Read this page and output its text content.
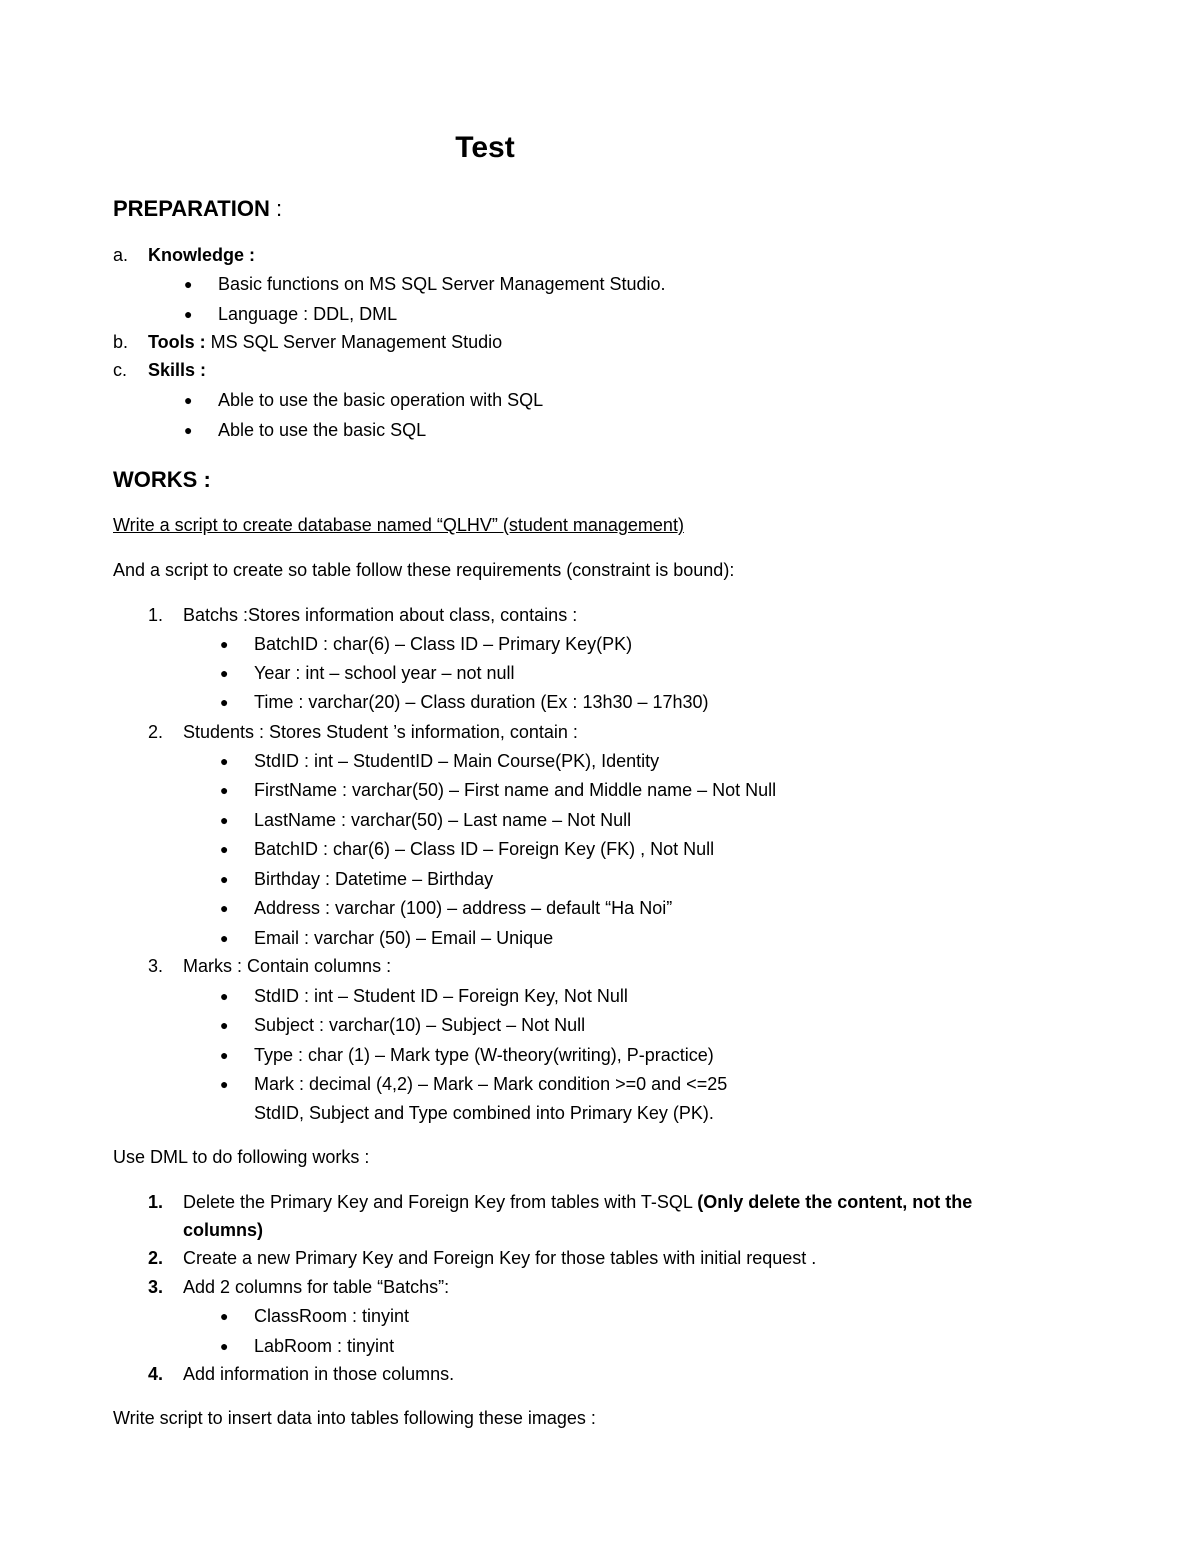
Test
PREPARATION :
a. Knowledge :
● Basic functions on MS SQL Server Management Studio.
● Language : DDL, DML
b. Tools : MS SQL Server Management Studio
c. Skills :
● Able to use the basic operation with SQL
● Able to use the basic SQL
WORKS :
Write a script to create database named “QLHV” (student management)
And a script to create so table follow these requirements (constraint is bound):
1. Batchs :Stores information about class, contains :
● BatchID : char(6) – Class ID – Primary Key(PK)
● Year : int – school year – not null
● Time : varchar(20) – Class duration (Ex : 13h30 – 17h30)
2. Students : Stores Student ’s information, contain :
● StdID : int – StudentID – Main Course(PK), Identity
● FirstName : varchar(50) – First name and Middle name – Not Null
● LastName : varchar(50) – Last name – Not Null
● BatchID : char(6) – Class ID – Foreign Key (FK) , Not Null
● Birthday : Datetime – Birthday
● Address : varchar (100) – address – default “Ha Noi”
● Email : varchar (50) – Email – Unique
3. Marks : Contain columns :
● StdID : int – Student ID – Foreign Key, Not Null
● Subject : varchar(10) – Subject – Not Null
● Type : char (1) – Mark type (W-theory(writing), P-practice)
● Mark : decimal (4,2) – Mark – Mark condition >=0 and <=25
StdID, Subject and Type combined into Primary Key (PK).
Use DML to do following works :
1. Delete the Primary Key and Foreign Key from tables with T-SQL (Only delete the content, not the
columns)
2. Create a new Primary Key and Foreign Key for those tables with initial request .
3. Add 2 columns for table “Batchs”:
● ClassRoom : tinyint
● LabRoom : tinyint
4. Add information in those columns.
Write script to insert data into tables following these images :
